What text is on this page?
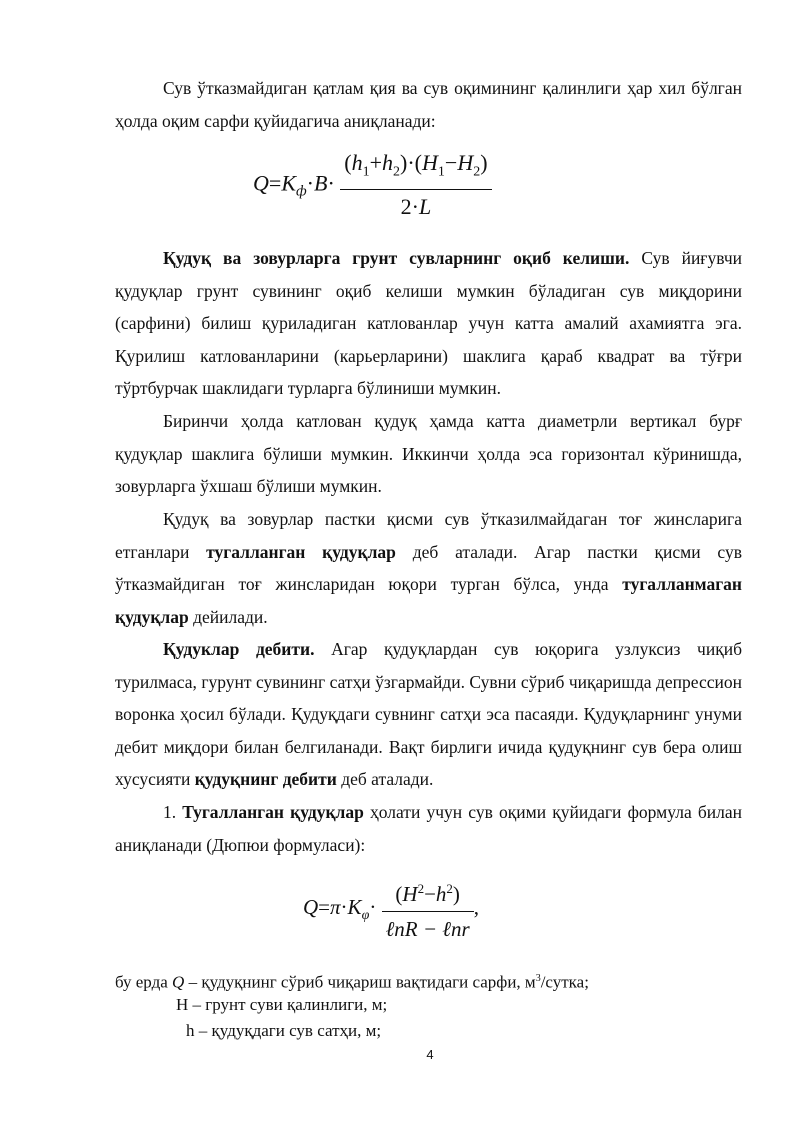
Сув ўтказмайдиган қатлам қия ва сув оқимининг қалинлиги ҳар хил бўлган ҳолда оқим сарфи қуйидагича аниқланади:

$Q=K_ф\cdot B\cdot \frac{(h_1+h_2)\cdot(H_1-H_2)}{2\cdot L}$

Қудуқ ва зовурларга грунт сувларнинг оқиб келиши. Сув йиғувчи қудуқлар грунт сувининг оқиб келиши мумкин бўладиган сув миқдорини (сарфини) билиш қуриладиган катлованлар учун катта амалий ахамиятга эга. Қурилиш катлованларини (карьерларини) шаклига қараб квадрат ва тўғри тўртбурчак шаклидаги турларга бўлиниши мумкин.

Биринчи ҳолда катлован қудуқ ҳамда катта диаметрли вертикал бурғ қудуқлар шаклига бўлиши мумкин. Иккинчи ҳолда эса горизонтал кўринишда, зовурларга ўхшаш бўлиши мумкин.

Қудуқ ва зовурлар пастки қисми сув ўтказилмайдаган тоғ жинсларига етганлари тугалланган қудуқлар деб аталади. Агар пастки қисми сув ўтказмайдиган тоғ жинсларидан юқори турган бўлса, унда тугалланмаган қудуқлар дейилади.

Қудуклар дебити. Агар қудуқлардан сув юқорига узлуксиз чиқиб турилмаса, гурунт сувининг сатҳи ўзгармайди. Сувни сўриб чиқаришда депрессион воронка ҳосил бўлади. Қудуқдаги сувнинг сатҳи эса пасаяди. Қудуқларнинг унуми дебит миқдори билан белгиланади. Вақт бирлиги ичида қудуқнинг сув бера олиш хусусияти қудуқнинг дебити деб аталади.

1. Тугалланган қудуқлар ҳолати учун сув оқими қуйидаги формула билан аниқланади (Дюпюи формуласи):

$Q=\pi\cdot K_\varphi\cdot \frac{(H^2-h^2)}{\text{ℓnR − ℓnr}}$ ,
бу ерда Q – қудуқнинг сўриб чиқариш вақтидаги сарфи, $м^3$/сутка;
H – грунт суви қалинлиги, м;
h – қудуқдаги сув сатҳи, м;
4
